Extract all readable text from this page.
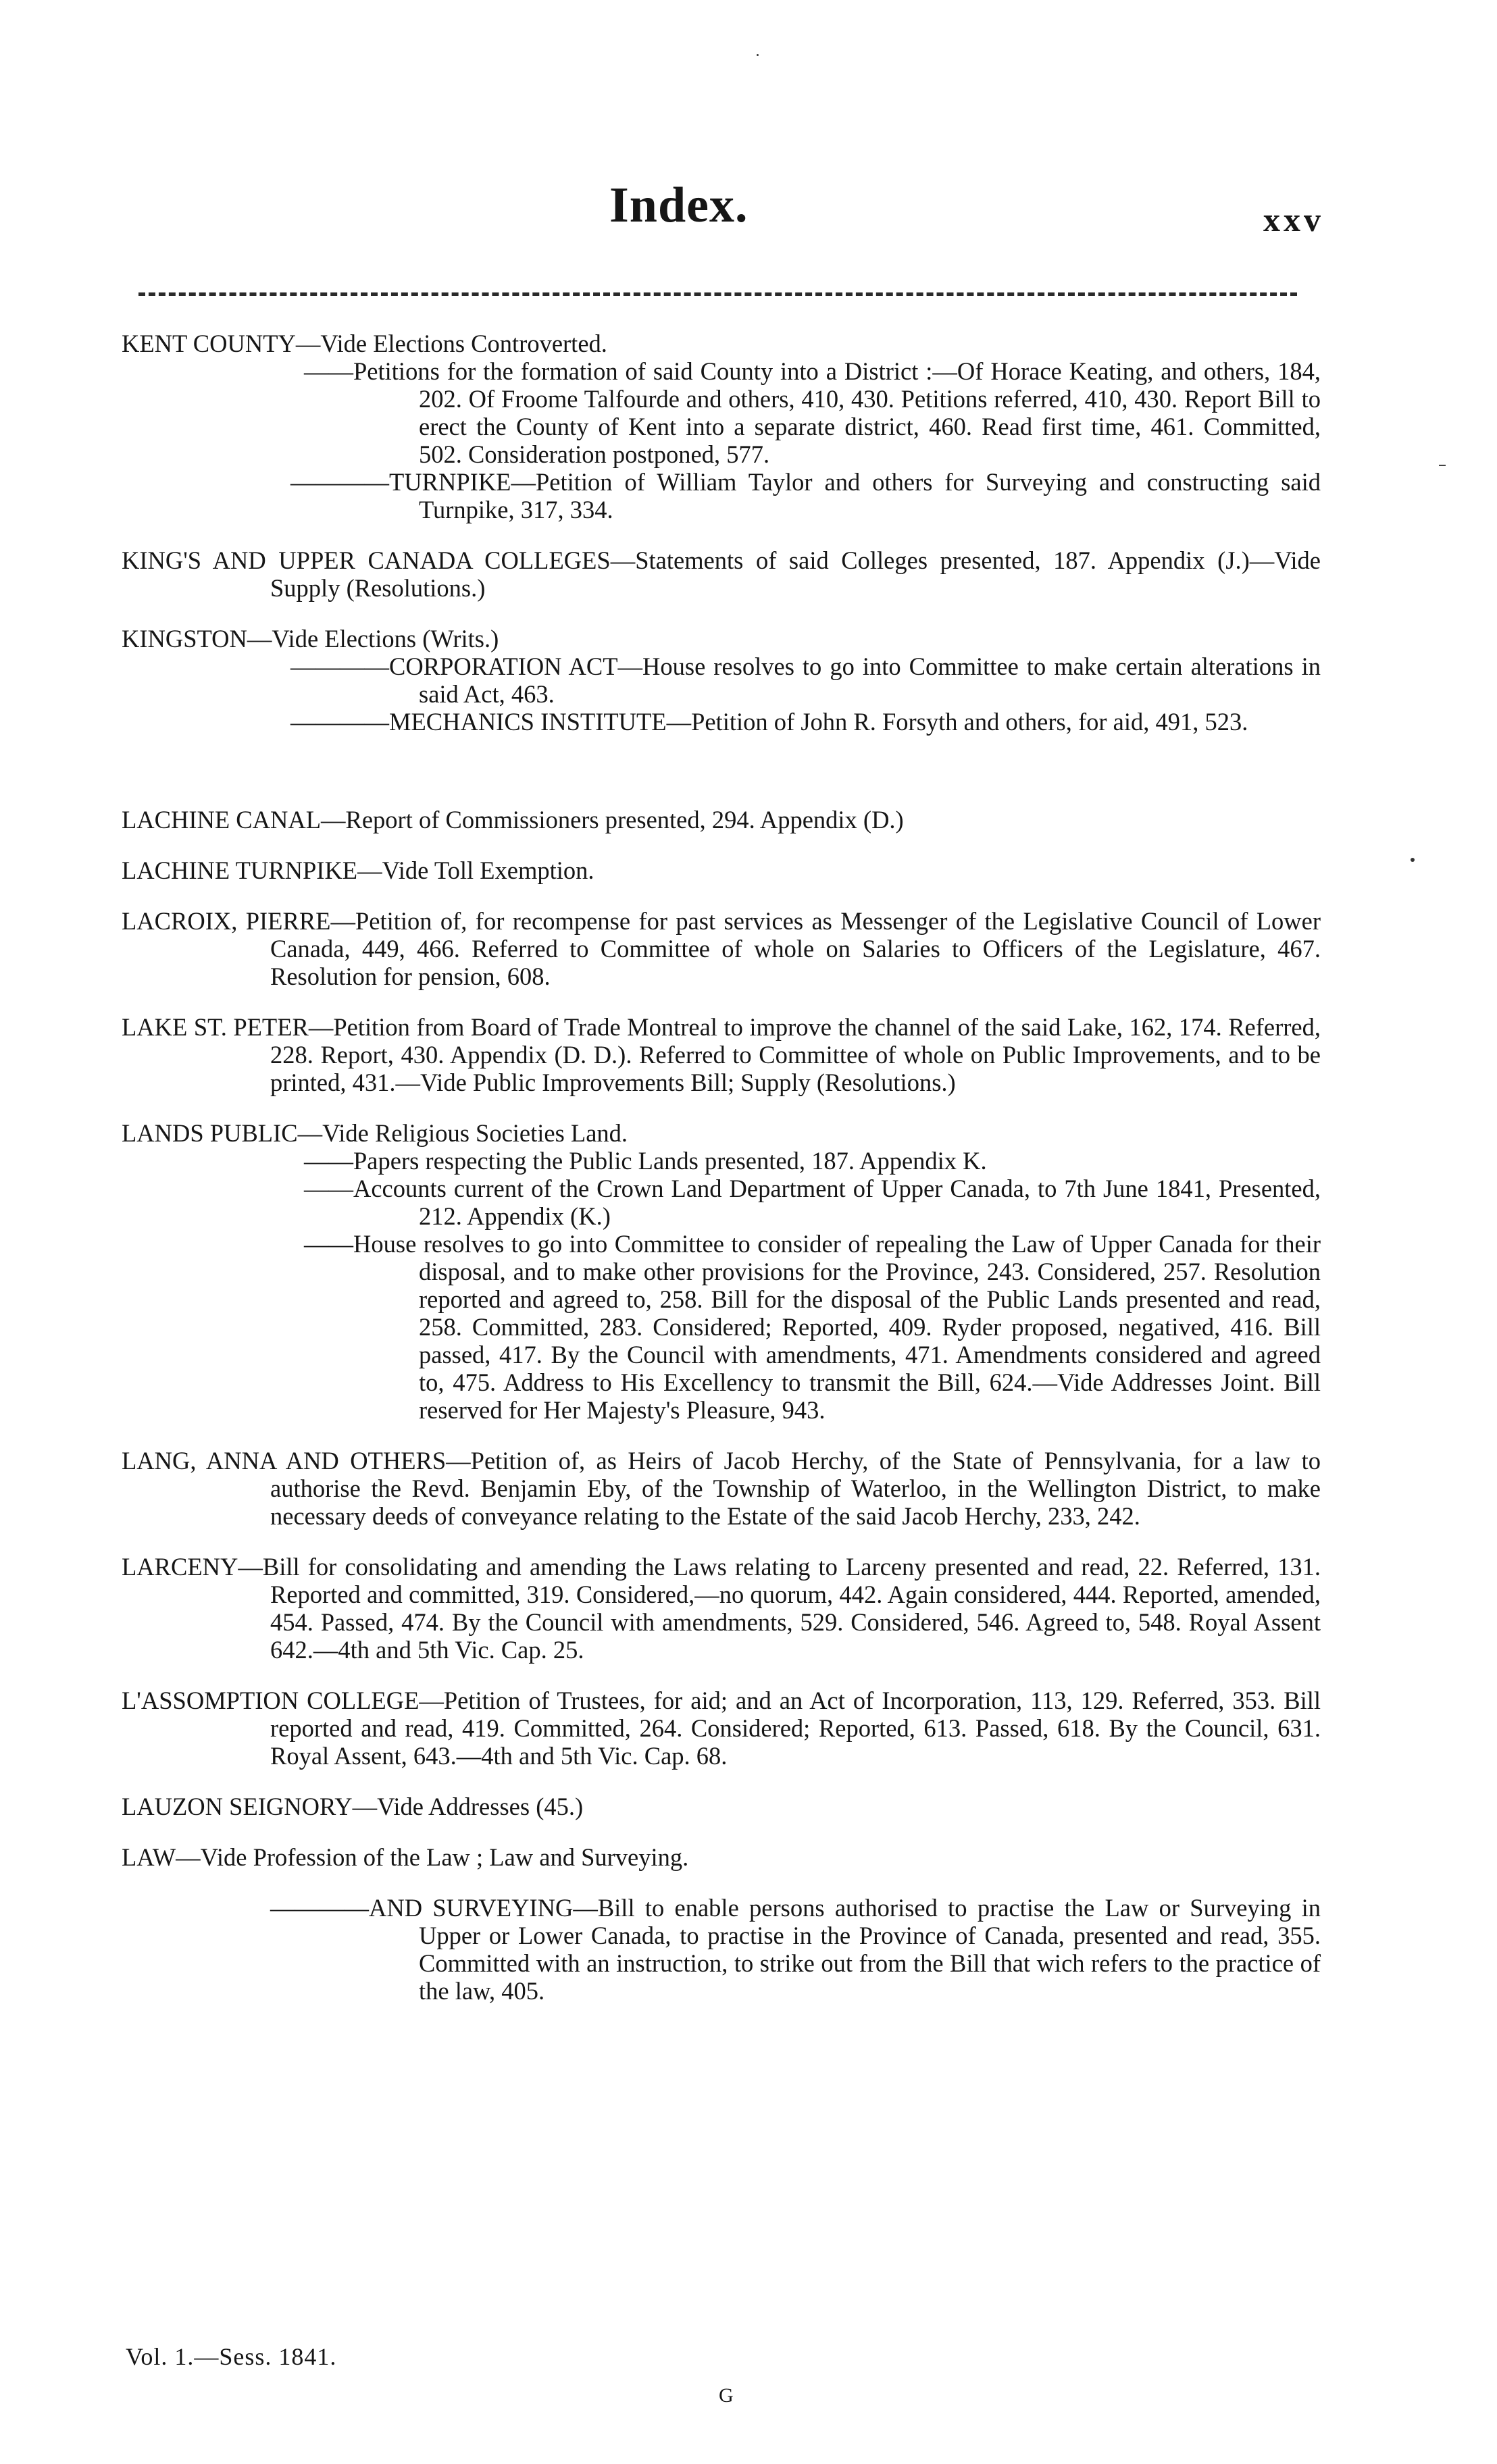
Index.	xxv
KENT COUNTY—Vide Elections Controverted.
——Petitions for the formation of said County into a District :—Of Horace Keating, and others, 184, 202. Of Froome Talfourde and others, 410, 430. Petitions referred, 410, 430. Report Bill to erect the County of Kent into a separate district, 460. Read first time, 461. Committed, 502. Consideration postponed, 577.
————TURNPIKE—Petition of William Taylor and others for Surveying and constructing said Turnpike, 317, 334.
KING'S AND UPPER CANADA COLLEGES—Statements of said Colleges presented, 187. Appendix (J.)—Vide Supply (Resolutions.)
KINGSTON—Vide Elections (Writs.)
————CORPORATION ACT—House resolves to go into Committee to make certain alterations in said Act, 463.
————MECHANICS INSTITUTE—Petition of John R. Forsyth and others, for aid, 491, 523.
LACHINE CANAL—Report of Commissioners presented, 294. Appendix (D.)
LACHINE TURNPIKE—Vide Toll Exemption.
LACROIX, PIERRE—Petition of, for recompense for past services as Messenger of the Legislative Council of Lower Canada, 449, 466. Referred to Committee of whole on Salaries to Officers of the Legislature, 467. Resolution for pension, 608.
LAKE ST. PETER—Petition from Board of Trade Montreal to improve the channel of the said Lake, 162, 174. Referred, 228. Report, 430. Appendix (D. D.). Referred to Committee of whole on Public Improvements, and to be printed, 431.—Vide Public Improvements Bill; Supply (Resolutions.)
LANDS PUBLIC—Vide Religious Societies Land.
——Papers respecting the Public Lands presented, 187. Appendix K.
——Accounts current of the Crown Land Department of Upper Canada, to 7th June 1841, Presented, 212. Appendix (K.)
——House resolves to go into Committee to consider of repealing the Law of Upper Canada for their disposal, and to make other provisions for the Province, 243. Considered, 257. Resolution reported and agreed to, 258. Bill for the disposal of the Public Lands presented and read, 258. Committed, 283. Considered; Reported, 409. Ryder proposed, negatived, 416. Bill passed, 417. By the Council with amendments, 471. Amendments considered and agreed to, 475. Address to His Excellency to transmit the Bill, 624.—Vide Addresses Joint. Bill reserved for Her Majesty's Pleasure, 943.
LANG, ANNA AND OTHERS—Petition of, as Heirs of Jacob Herchy, of the State of Pennsylvania, for a law to authorise the Revd. Benjamin Eby, of the Township of Waterloo, in the Wellington District, to make necessary deeds of conveyance relating to the Estate of the said Jacob Herchy, 233, 242.
LARCENY—Bill for consolidating and amending the Laws relating to Larceny presented and read, 22. Referred, 131. Reported and committed, 319. Considered,—no quorum, 442. Again considered, 444. Reported, amended, 454. Passed, 474. By the Council with amendments, 529. Considered, 546. Agreed to, 548. Royal Assent 642.—4th and 5th Vic. Cap. 25.
L'ASSOMPTION COLLEGE—Petition of Trustees, for aid; and an Act of Incorporation, 113, 129. Referred, 353. Bill reported and read, 419. Committed, 264. Considered; Reported, 613. Passed, 618. By the Council, 631. Royal Assent, 643.—4th and 5th Vic. Cap. 68.
LAUZON SEIGNORY—Vide Addresses (45.)
LAW—Vide Profession of the Law ; Law and Surveying.
————AND SURVEYING—Bill to enable persons authorised to practise the Law or Surveying in Upper or Lower Canada, to practise in the Province of Canada, presented and read, 355. Committed with an instruction, to strike out from the Bill that wich refers to the practice of the law, 405.
Vol. 1.—Sess. 1841.
G
